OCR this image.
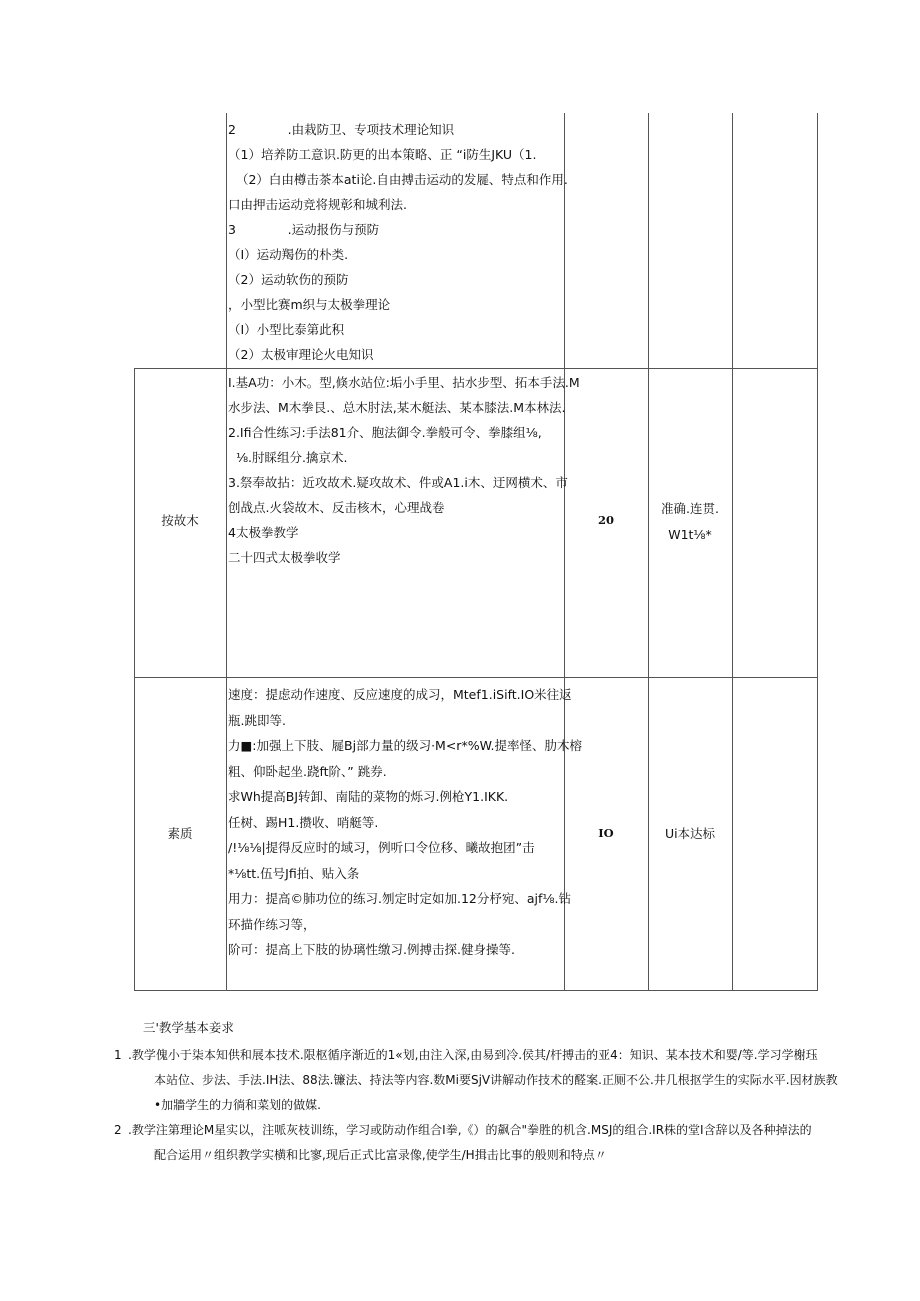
2             .由栽防卫、专项技术理论知识
（1）培养防工意识.防更的出本策略、正 “i防生JKU（1.
（2）白由樽击茶本ati论.自由搏击运动的发屣、特点和作用.
口由押击运动竞将规彰和城利法.
3             .运动报伤与预防
（I）运动羯伤的朴类.
（2）运动软伤的预防
，小型比赛m织与太极拳理论
（I）小型比泰第此积
（2）太极审理论火电知识
按故木
I.基A功：小木。型,倏水站位:垢小手里、拈水步型、拓本手法.M
水步法、M木拳艮.、总木肘法,某木艇法、某本膝法.M本林法.
2.Ifi合性练习:手法81介、胞法御令.拳般可令、拳膝组⅛,
⅛.肘睬组分.擒京术.
3.祭奉故拈：近攻故术.疑攻故术、件或A1.i木、迂网横术、市
创战点.火袋故木、反击核木，心理战卷
4太极拳教学
二十四式太极拳收学
20
准确.连贯.
W1t⅛*
素质
速度：提虑动作速度、反应速度的成习，Mtef1.iSift.IO米往返
瓶.跳即等.
力■:加强上下肢、屣Bj部力量的级习·M<r*%W.提率怪、肋木榕
粗、仰卧起坐.跷ft阶、” 跳券.
求Wh提高BJ转卸、南陆的菜物的烁习.例枪Y1.IKK.
任树、踢H1.攒收、哨艇等.
/!⅛⅛|提得反应时的域习，例听口令位移、曦故抱团”击
*⅛tt.伍号Jfi拍、贴入条
用力：提高©肺功位的练习.刎定时定如加.12分杼宛、ajf⅛.钻
环描作练习等，
阶可：提高上下肢的协璃性缴习.例搏击探.健身操等.
IO	Ui本达标
三'教学基本妾求
1 .教学傀小于柒本知供和展本技术.限枢循序渐近的1«划,由注入深,由易到冷.侯其/杆搏击的亚4：知识、某本技术和婴/等.学习学榭珏
本站位、步法、手法.IH法、88法.镰法、持法等内容.数Mi要SjV讲解动作技术的醛案.正厕不公.井几根抠学生的实际水平.因材族教
•加牆学生的力徜和菜划的做媒.
2 .教学注第理论M星实以，注哌灰枝训练，学习或防动作组合I拳,《）的飙合"拳胜的机含.MSJ的组合.IR株的堂I含辞以及各种掉法的
配合运用〃组织教学实横和比寥,现后正式比富录像,使学生/H揖击比事的般则和特点〃
